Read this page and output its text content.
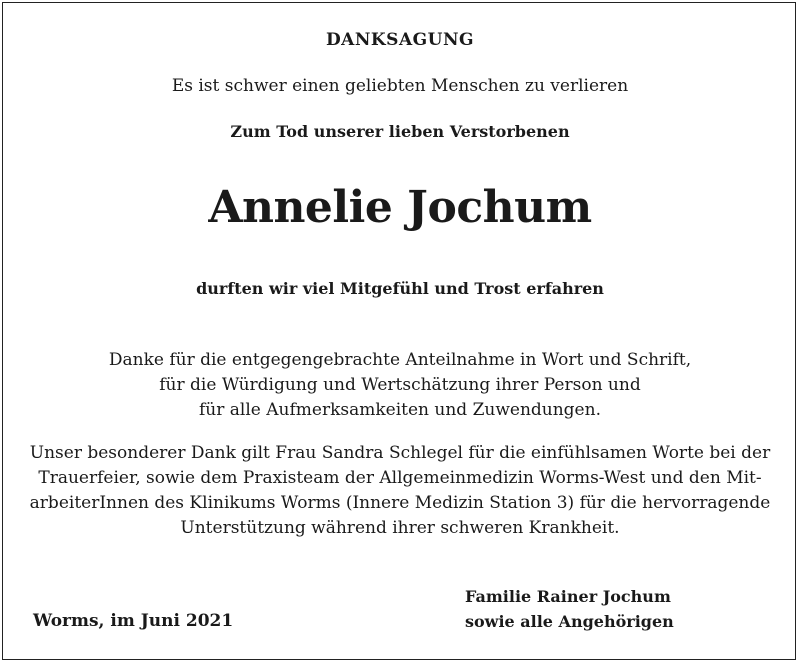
DANKSAGUNG
Es ist schwer einen geliebten Menschen zu verlieren
Zum Tod unserer lieben Verstorbenen
Annelie Jochum
durften wir viel Mitgefühl und Trost erfahren
Danke für die entgegengebrachte Anteilnahme in Wort und Schrift,
für die Würdigung und Wertschätzung ihrer Person und
für alle Aufmerksamkeiten und Zuwendungen.
Unser besonderer Dank gilt Frau Sandra Schlegel für die einfühlsamen Worte bei der
Trauerfeier, sowie dem Praxisteam der Allgemeinmedizin Worms-West und den Mit-
arbeiterInnen des Klinikums Worms (Innere Medizin Station 3) für die hervorragende
Unterstützung während ihrer schweren Krankheit.
Worms, im Juni 2021
Familie Rainer Jochum
sowie alle Angehörigen
